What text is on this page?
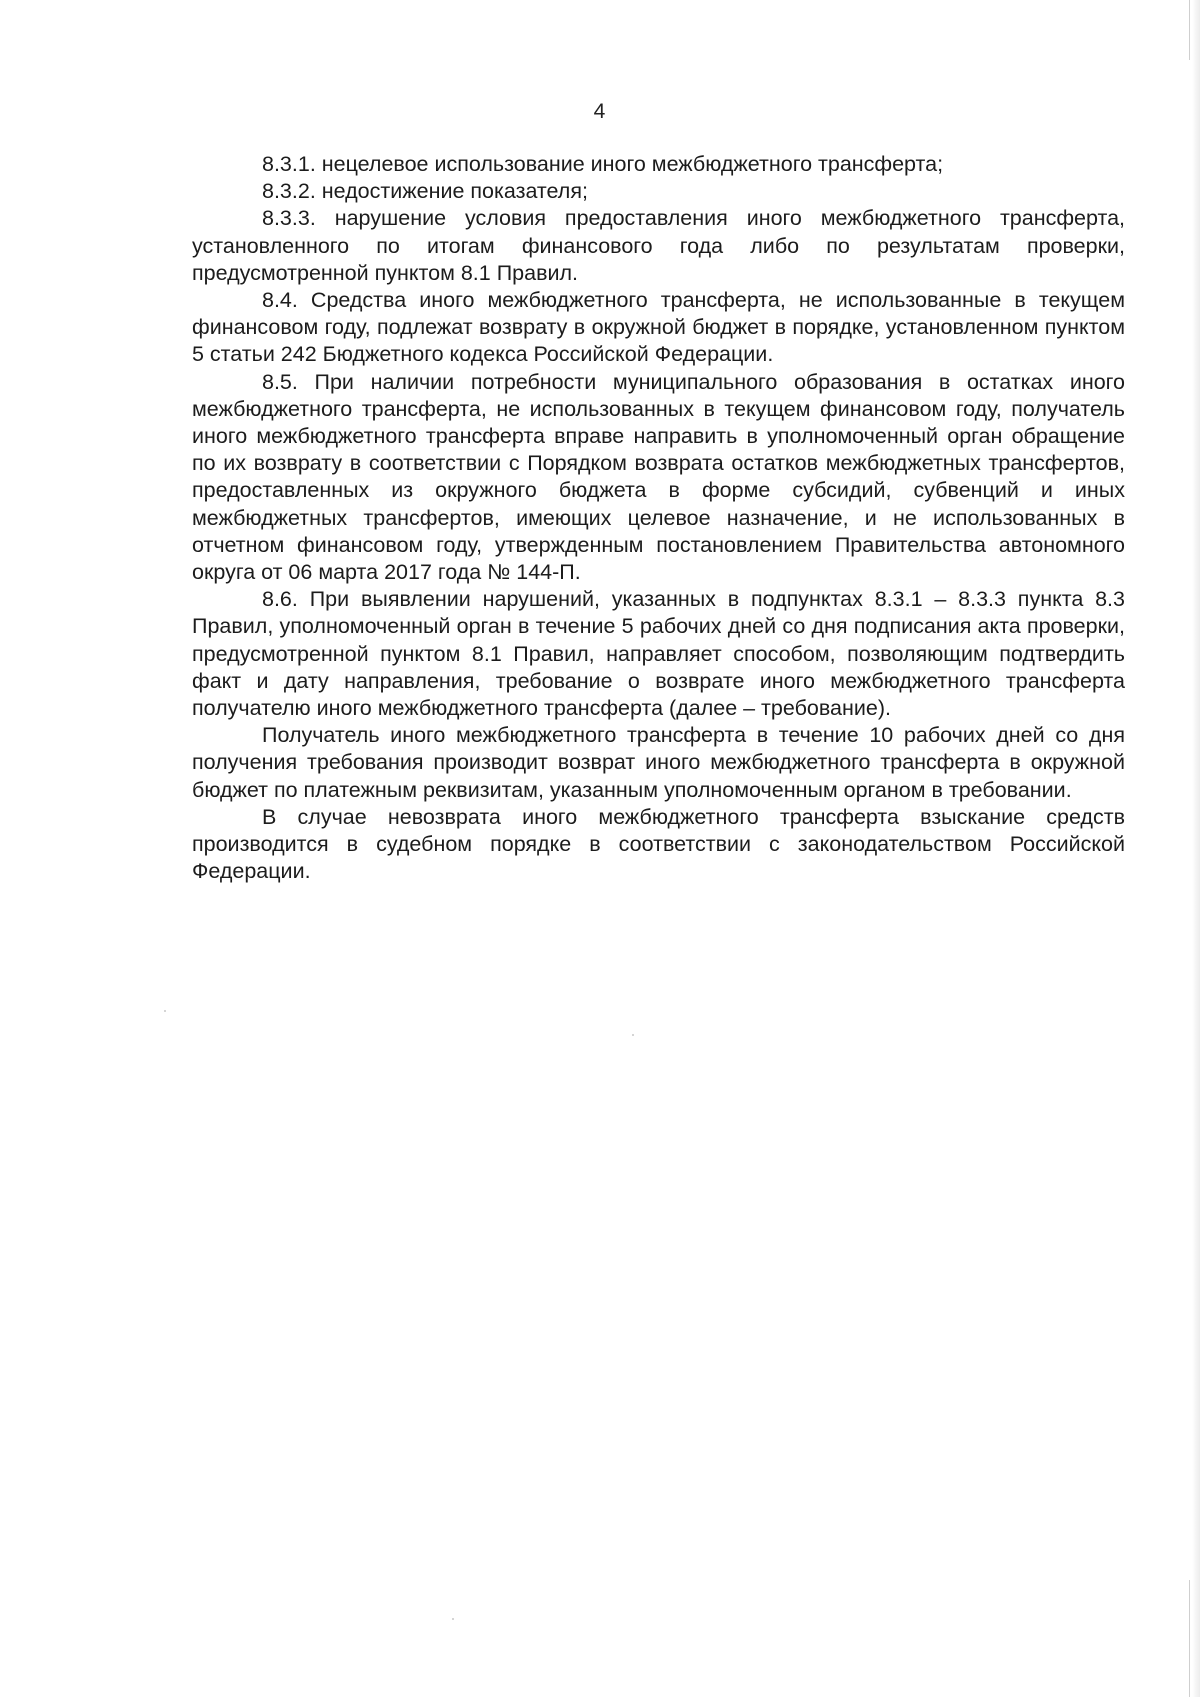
4

8.3.1. нецелевое использование иного межбюджетного трансферта;

8.3.2. недостижение показателя;

8.3.3. нарушение условия предоставления иного межбюджетного трансферта, установленного по итогам финансового года либо по результатам проверки, предусмотренной пунктом 8.1 Правил.

8.4. Средства иного межбюджетного трансферта, не использованные в текущем финансовом году, подлежат возврату в окружной бюджет в порядке, установленном пунктом 5 статьи 242 Бюджетного кодекса Российской Федерации.

8.5. При наличии потребности муниципального образования в остатках иного межбюджетного трансферта, не использованных в текущем финансовом году, получатель иного межбюджетного трансферта вправе направить в уполномоченный орган обращение по их возврату в соответствии с Порядком возврата остатков межбюджетных трансфертов, предоставленных из окружного бюджета в форме субсидий, субвенций и иных межбюджетных трансфертов, имеющих целевое назначение, и не использованных в отчетном финансовом году, утвержденным постановлением Правительства автономного округа от 06 марта 2017 года № 144-П.

8.6. При выявлении нарушений, указанных в подпунктах 8.3.1 – 8.3.3 пункта 8.3 Правил, уполномоченный орган в течение 5 рабочих дней со дня подписания акта проверки, предусмотренной пунктом 8.1 Правил, направляет способом, позволяющим подтвердить факт и дату направления, требование о возврате иного межбюджетного трансферта получателю иного межбюджетного трансферта (далее – требование).

Получатель иного межбюджетного трансферта в течение 10 рабочих дней со дня получения требования производит возврат иного межбюджетного трансферта в окружной бюджет по платежным реквизитам, указанным уполномоченным органом в требовании.

В случае невозврата иного межбюджетного трансферта взыскание средств производится в судебном порядке в соответствии с законодательством Российской Федерации.
